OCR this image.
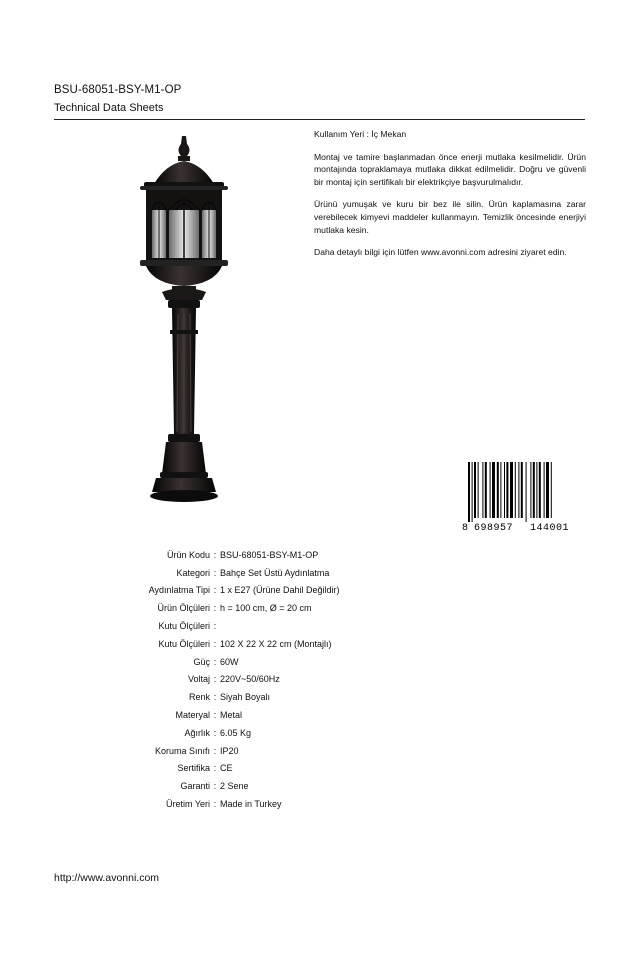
BSU-68051-BSY-M1-OP
Technical Data Sheets

Kullanım Yeri : İç Mekan

Montaj ve tamire başlanmadan önce enerji mutlaka kesilmelidir. Ürün montajında topraklamaya mutlaka dikkat edilmelidir. Doğru ve güvenli bir montaj için sertifikalı bir elektrikçiye başvurulmalıdır.

Ürünü yumuşak ve kuru bir bez ile silin. Ürün kaplamasına zarar verebilecek kimyevi maddeler kullanmayın. Temizlik öncesinde enerjiyi mutlaka kesin.

Daha detaylı bilgi için lütfen www.avonni.com adresini ziyaret edin.

8 698957 144001
Ürün Kodu : BSU-68051-BSY-M1-OP
Kategori : Bahçe Set Üstü Aydınlatma
Aydınlatma Tipi : 1 x E27 (Ürüne Dahil Değildir)
Ürün Ölçüleri : h = 100 cm, Ø = 20 cm
Kutu Ölçüleri :
Kutu Ölçüleri : 102 X 22 X 22 cm (Montajlı)
Güç : 60W
Voltaj : 220V~50/60Hz
Renk : Siyah Boyalı
Materyal : Metal
Ağırlık : 6.05 Kg
Koruma Sınıfı : IP20
Sertifika : CE
Garanti : 2 Sene
Üretim Yeri : Made in Turkey
http://www.avonni.com
